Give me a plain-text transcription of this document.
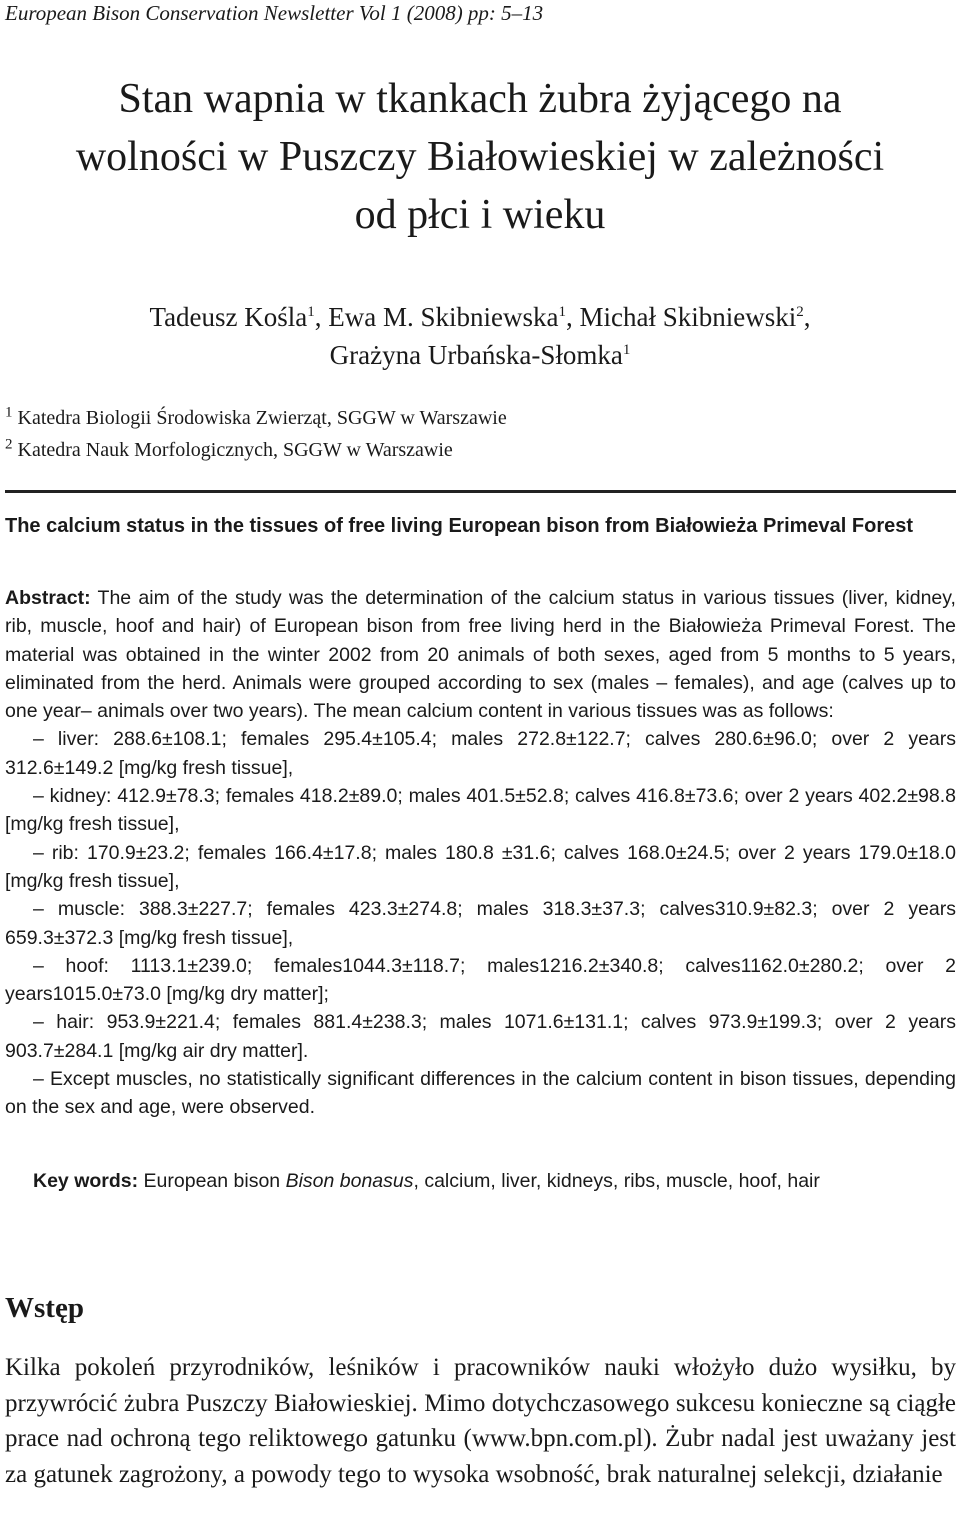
European Bison Conservation Newsletter Vol 1 (2008) pp: 5–13
Stan wapnia w tkankach żubra żyjącego na
wolności w Puszczy Białowieskiej w zależności
od płci i wieku
Tadeusz Kośla$^1$, Ewa M. Skibniewska$^1$, Michał Skibniewski$^2$,
Grażyna Urbańska-Słomka$^1$
$^1$ Katedra Biologii Środowiska Zwierząt, SGGW w Warszawie
$^2$ Katedra Nauk Morfologicznych, SGGW w Warszawie
The calcium status in the tissues of free living European bison from Białowieża Primeval Forest

Abstract: The aim of the study was the determination of the calcium status in various tissues (liver, kidney, rib, muscle, hoof and hair) of European bison from free living herd in the Białowieża Primeval Forest. The material was obtained in the winter 2002 from 20 animals of both sexes, aged from 5 months to 5 years, eliminated from the herd. Animals were grouped according to sex (males – females), and age (calves up to one year– animals over two years). The mean calcium content in various tissues was as follows:

– liver: 288.6±108.1; females 295.4±105.4; males 272.8±122.7; calves 280.6±96.0; over 2 years 312.6±149.2 [mg/kg fresh tissue],

– kidney: 412.9±78.3; females 418.2±89.0; males 401.5±52.8; calves 416.8±73.6; over 2 years 402.2±98.8 [mg/kg fresh tissue],

– rib: 170.9±23.2; females 166.4±17.8; males 180.8 ±31.6; calves 168.0±24.5; over 2 years 179.0±18.0 [mg/kg fresh tissue],

– muscle: 388.3±227.7; females 423.3±274.8; males 318.3±37.3; calves310.9±82.3; over 2 years 659.3±372.3 [mg/kg fresh tissue],

– hoof: 1113.1±239.0; females1044.3±118.7; males1216.2±340.8; calves1162.0±280.2; over 2 years1015.0±73.0 [mg/kg dry matter];

– hair: 953.9±221.4; females 881.4±238.3; males 1071.6±131.1; calves 973.9±199.3; over 2 years 903.7±284.1 [mg/kg air dry matter].

– Except muscles, no statistically significant differences in the calcium content in bison tissues, depending on the sex and age, were observed.

Key words: European bison Bison bonasus, calcium, liver, kidneys, ribs, muscle, hoof, hair
Wstęp
Kilka pokoleń przyrodników, leśników i pracowników nauki włożyło dużo wysiłku, by przywrócić żubra Puszczy Białowieskiej. Mimo dotychczasowego sukcesu konieczne są ciągłe prace nad ochroną tego reliktowego gatunku (www.bpn.com.pl). Żubr nadal jest uważany jest za gatunek zagrożony, a powody tego to wysoka wsobność, brak naturalnej selekcji, działanie
